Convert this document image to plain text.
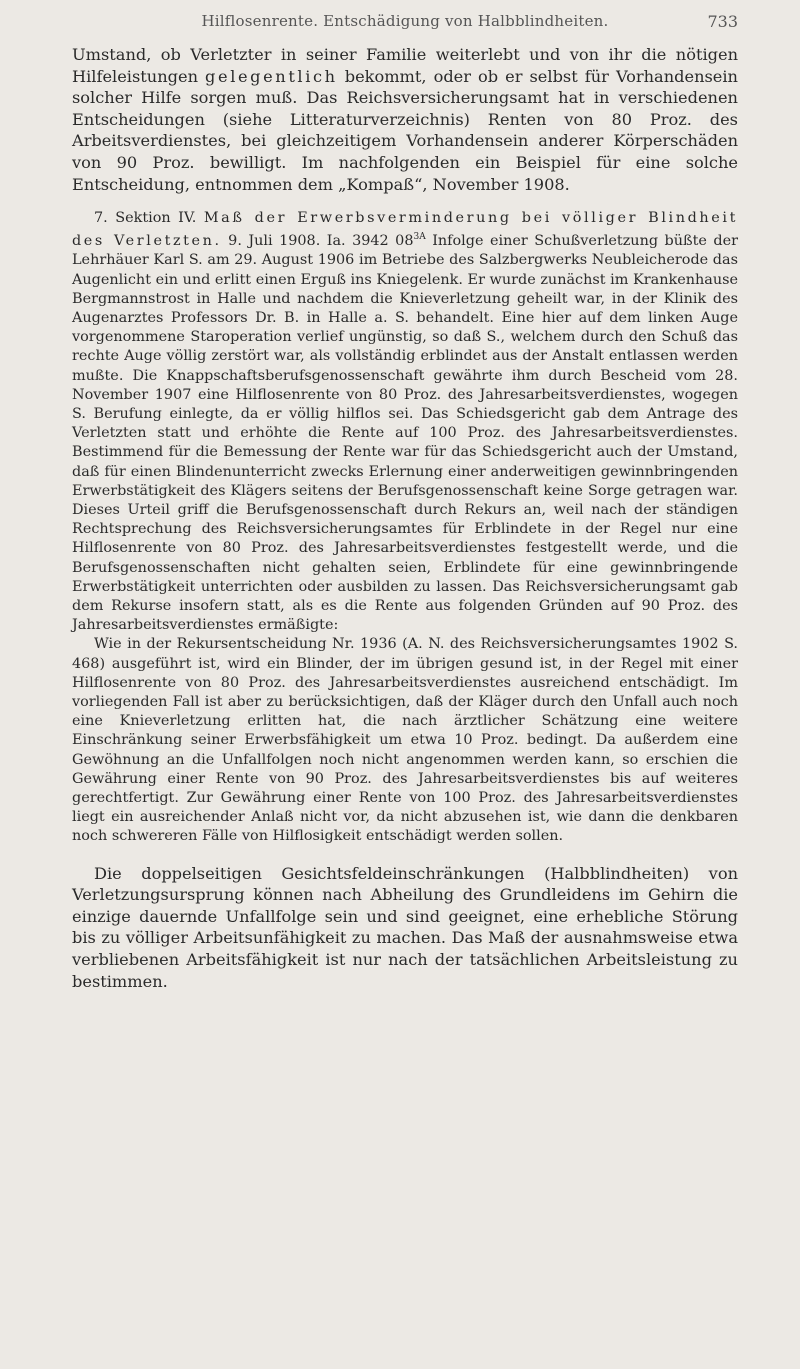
Hilflosenrente. Entschädigung von Halbblindheiten.	733

Umstand, ob Verletzter in seiner Familie weiterlebt und von ihr die nötigen Hilfeleistungen gelegentlich bekommt, oder ob er selbst für Vorhandensein solcher Hilfe sorgen muß. Das Reichsversicherungsamt hat in verschiedenen Entscheidungen (siehe Litteraturverzeichnis) Renten von 80 Proz. des Arbeitsverdienstes, bei gleichzeitigem Vorhandensein anderer Körperschäden von 90 Proz. bewilligt. Im nachfolgenden ein Beispiel für eine solche Entscheidung, entnommen dem „Kompaß“, November 1908.

7. Sektion IV. Maß der Erwerbsverminderung bei völliger Blindheit des Verletzten. 9. Juli 1908. Ia. 3942 $08^{3A}$ Infolge einer Schußverletzung büßte der Lehrhäuer Karl S. am 29. August 1906 im Betriebe des Salzbergwerks Neubleicherode das Augenlicht ein und erlitt einen Erguß ins Kniegelenk. Er wurde zunächst im Krankenhause Bergmannstrost in Halle und nachdem die Knieverletzung geheilt war, in der Klinik des Augenarztes Professors Dr. B. in Halle a. S. behandelt. Eine hier auf dem linken Auge vorgenommene Staroperation verlief ungünstig, so daß S., welchem durch den Schuß das rechte Auge völlig zerstört war, als vollständig erblindet aus der Anstalt entlassen werden mußte. Die Knappschaftsberufsgenossenschaft gewährte ihm durch Bescheid vom 28. November 1907 eine Hilflosenrente von 80 Proz. des Jahresarbeitsverdienstes, wogegen S. Berufung einlegte, da er völlig hilflos sei. Das Schiedsgericht gab dem Antrage des Verletzten statt und erhöhte die Rente auf 100 Proz. des Jahresarbeitsverdienstes. Bestimmend für die Bemessung der Rente war für das Schiedsgericht auch der Umstand, daß für einen Blindenunterricht zwecks Erlernung einer anderweitigen gewinnbringenden Erwerbstätigkeit des Klägers seitens der Berufsgenossenschaft keine Sorge getragen war. Dieses Urteil griff die Berufsgenossenschaft durch Rekurs an, weil nach der ständigen Rechtsprechung des Reichsversicherungsamtes für Erblindete in der Regel nur eine Hilflosenrente von 80 Proz. des Jahresarbeitsverdienstes festgestellt werde, und die Berufsgenossenschaften nicht gehalten seien, Erblindete für eine gewinnbringende Erwerbstätigkeit unterrichten oder ausbilden zu lassen. Das Reichsversicherungsamt gab dem Rekurse insofern statt, als es die Rente aus folgenden Gründen auf 90 Proz. des Jahresarbeitsverdienstes ermäßigte:

Wie in der Rekursentscheidung Nr. 1936 (A. N. des Reichsversicherungsamtes 1902 S. 468) ausgeführt ist, wird ein Blinder, der im übrigen gesund ist, in der Regel mit einer Hilflosenrente von 80 Proz. des Jahresarbeitsverdienstes ausreichend entschädigt. Im vorliegenden Fall ist aber zu berücksichtigen, daß der Kläger durch den Unfall auch noch eine Knieverletzung erlitten hat, die nach ärztlicher Schätzung eine weitere Einschränkung seiner Erwerbsfähigkeit um etwa 10 Proz. bedingt. Da außerdem eine Gewöhnung an die Unfallfolgen noch nicht angenommen werden kann, so erschien die Gewährung einer Rente von 90 Proz. des Jahresarbeitsverdienstes bis auf weiteres gerechtfertigt. Zur Gewährung einer Rente von 100 Proz. des Jahresarbeitsverdienstes liegt ein ausreichender Anlaß nicht vor, da nicht abzusehen ist, wie dann die denkbaren noch schwereren Fälle von Hilflosigkeit entschädigt werden sollen.

Die doppelseitigen Gesichtsfeldeinschränkungen (Halbblindheiten) von Verletzungsursprung können nach Abheilung des Grundleidens im Gehirn die einzige dauernde Unfallfolge sein und sind geeignet, eine erhebliche Störung bis zu völliger Arbeitsunfähigkeit zu machen. Das Maß der ausnahmsweise etwa verbliebenen Arbeitsfähigkeit ist nur nach der tatsächlichen Arbeitsleistung zu bestimmen.
